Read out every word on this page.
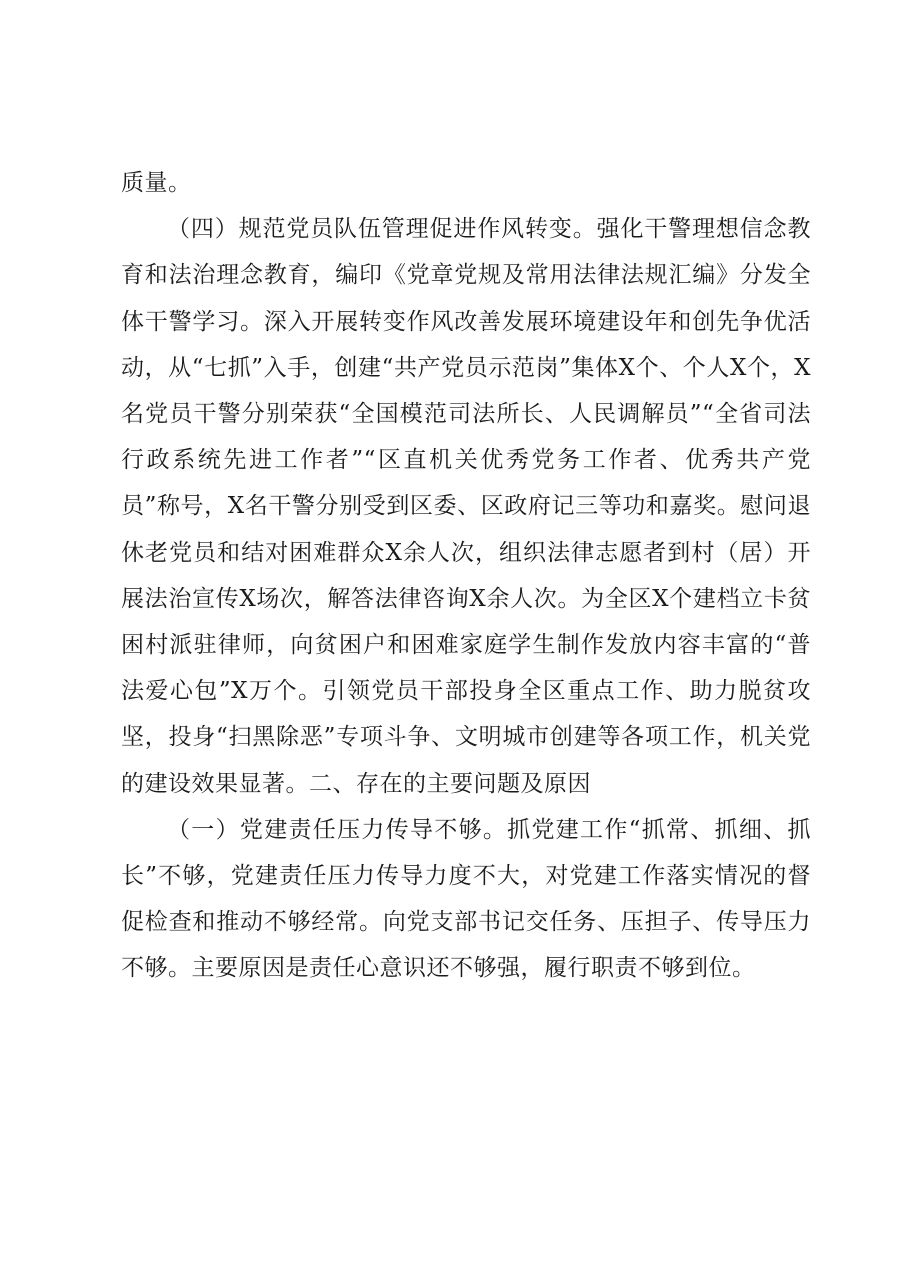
质量。

（四）规范党员队伍管理促进作风转变。强化干警理想信念教育和法治理念教育，编印《党章党规及常用法律法规汇编》分发全体干警学习。深入开展转变作风改善发展环境建设年和创先争优活动，从“七抓”入手，创建“共产党员示范岗”集体X个、个人X个，X名党员干警分别荣获“全国模范司法所长、人民调解员”“全省司法行政系统先进工作者”“区直机关优秀党务工作者、优秀共产党员”称号，X名干警分别受到区委、区政府记三等功和嘉奖。慰问退休老党员和结对困难群众X余人次，组织法律志愿者到村（居）开展法治宣传X场次，解答法律咨询X余人次。为全区X个建档立卡贫困村派驻律师，向贫困户和困难家庭学生制作发放内容丰富的“普法爱心包”X万个。引领党员干部投身全区重点工作、助力脱贫攻坚，投身“扫黑除恶”专项斗争、文明城市创建等各项工作，机关党的建设效果显著。二、存在的主要问题及原因

（一）党建责任压力传导不够。抓党建工作“抓常、抓细、抓长”不够，党建责任压力传导力度不大，对党建工作落实情况的督促检查和推动不够经常。向党支部书记交任务、压担子、传导压力不够。主要原因是责任心意识还不够强，履行职责不够到位。
